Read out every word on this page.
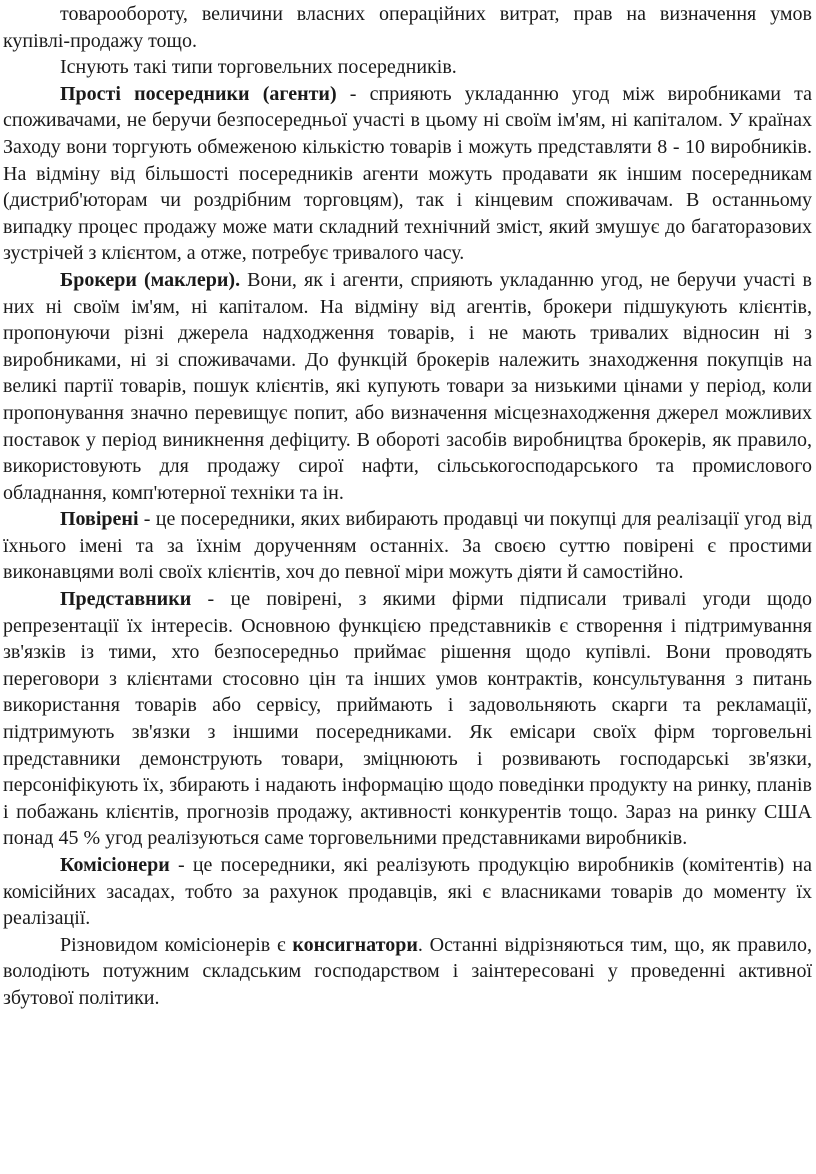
товарообороту, величини власних операційних витрат, прав на визначення умов купівлі-продажу тощо.

Існують такі типи торговельних посередників.

Прості посередники (агенти) - сприяють укладанню угод між виробниками та споживачами, не беручи безпосередньої участі в цьому ні своїм ім'ям, ні капіталом. У країнах Заходу вони торгують обмеженою кількістю товарів і можуть представляти 8 - 10 виробників. На відміну від більшості посередників агенти можуть продавати як іншим посередникам (дистриб'юторам чи роздрібним торговцям), так і кінцевим споживачам. В останньому випадку процес продажу може мати складний технічний зміст, який змушує до багаторазових зустрічей з клієнтом, а отже, потребує тривалого часу.

Брокери (маклери). Вони, як і агенти, сприяють укладанню угод, не беручи участі в них ні своїм ім'ям, ні капіталом. На відміну від агентів, брокери підшукують клієнтів, пропонуючи різні джерела надходження товарів, і не мають тривалих відносин ні з виробниками, ні зі споживачами. До функцій брокерів належить знаходження покупців на великі партії товарів, пошук клієнтів, які купують товари за низькими цінами у період, коли пропонування значно перевищує попит, або визначення місцезнаходження джерел можливих поставок у період виникнення дефіциту. В обороті засобів виробництва брокерів, як правило, використовують для продажу сирої нафти, сільськогосподарського та промислового обладнання, комп'ютерної техніки та ін.

Повірені - це посередники, яких вибирають продавці чи покупці для реалізації угод від їхнього імені та за їхнім дорученням останніх. За своєю суттю повірені є простими виконавцями волі своїх клієнтів, хоч до певної міри можуть діяти й самостійно.

Представники - це повірені, з якими фірми підписали тривалі угоди щодо репрезентації їх інтересів. Основною функцією представників є створення і підтримування зв'язків із тими, хто безпосередньо приймає рішення щодо купівлі. Вони проводять переговори з клієнтами стосовно цін та інших умов контрактів, консультування з питань використання товарів або сервісу, приймають і задовольняють скарги та рекламації, підтримують зв'язки з іншими посередниками. Як емісари своїх фірм торговельні представники демонструють товари, зміцнюють і розвивають господарські зв'язки, персоніфікують їх, збирають і надають інформацію щодо поведінки продукту на ринку, планів і побажань клієнтів, прогнозів продажу, активності конкурентів тощо. Зараз на ринку США понад 45 % угод реалізуються саме торговельними представниками виробників.

Комісіонери - це посередники, які реалізують продукцію виробників (комітентів) на комісійних засадах, тобто за рахунок продавців, які є власниками товарів до моменту їх реалізації.

Різновидом комісіонерів є консигнатори. Останні відрізняються тим, що, як правило, володіють потужним складським господарством і заінтересовані у проведенні активної збутової політики.
